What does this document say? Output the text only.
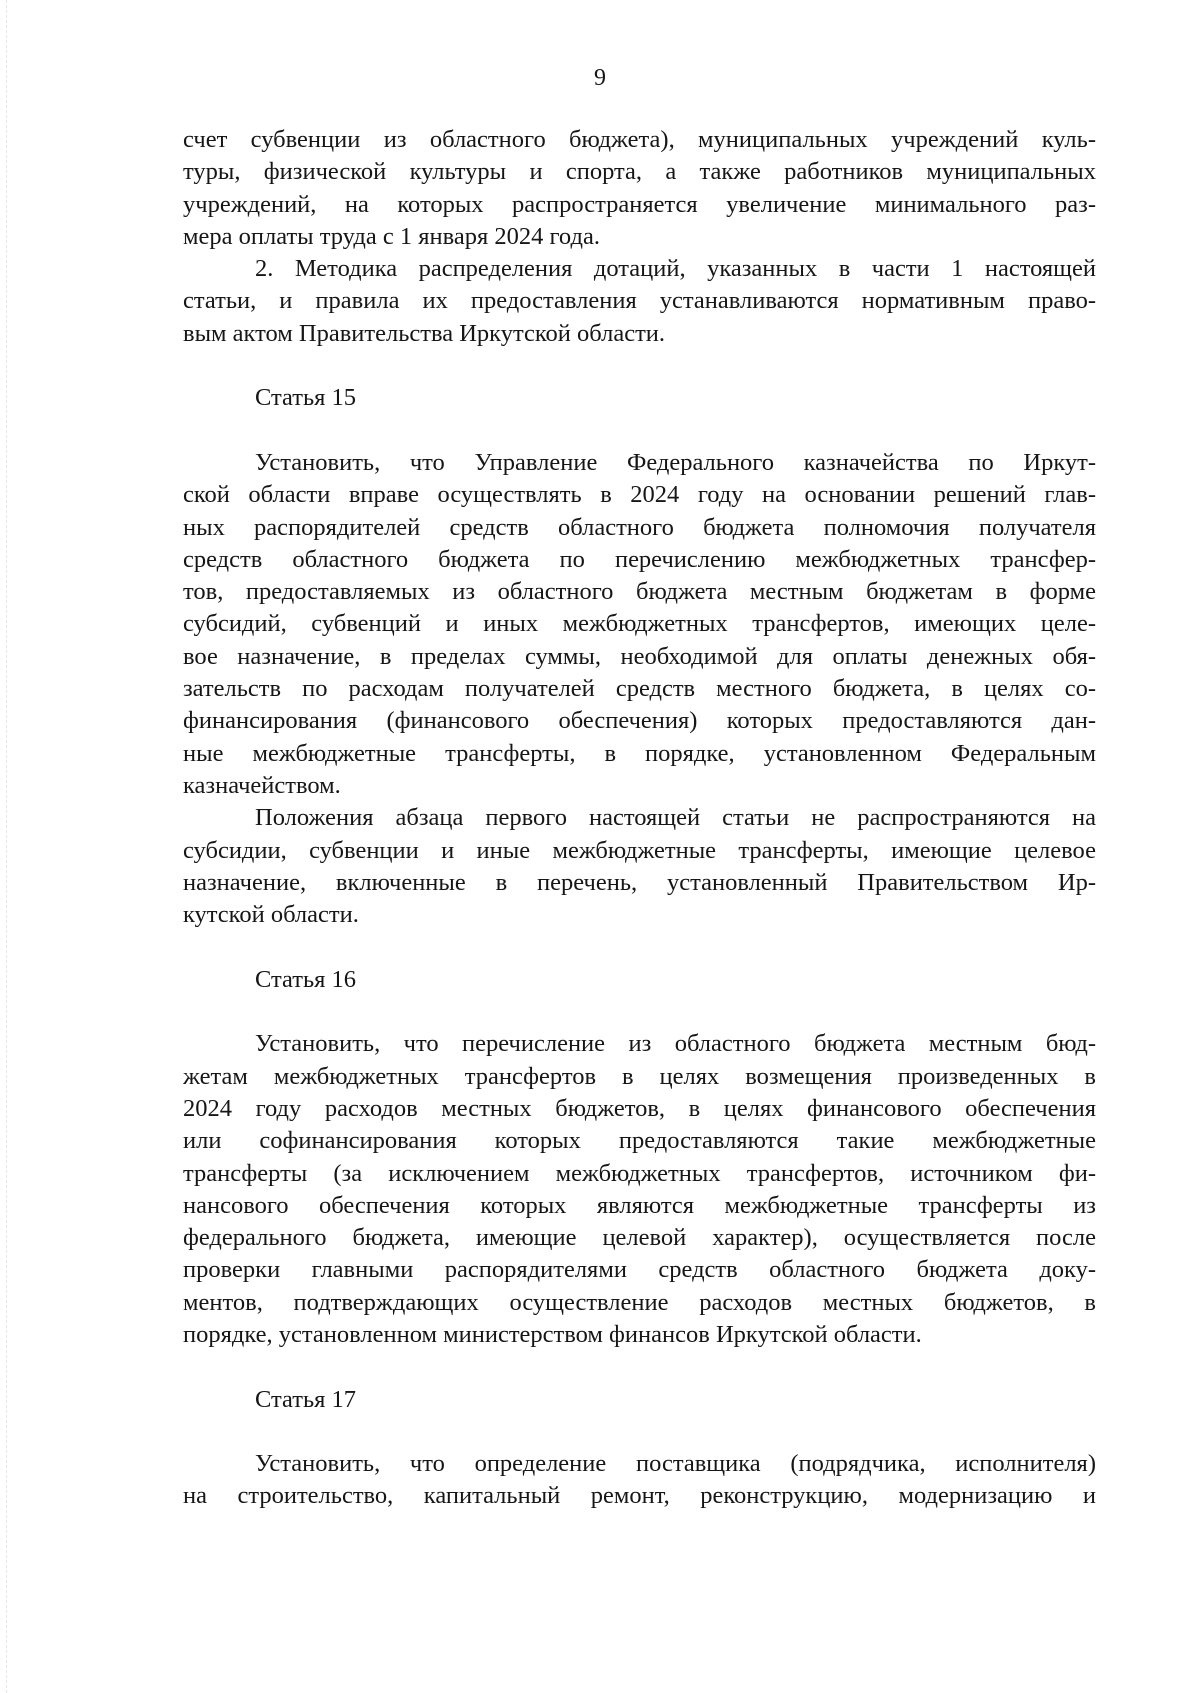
9
счет субвенции из областного бюджета), муниципальных учреждений куль-
туры, физической культуры и спорта, а также работников муниципальных
учреждений, на которых распространяется увеличение минимального раз-
мера оплаты труда с 1 января 2024 года.
2. Методика распределения дотаций, указанных в части 1 настоящей
статьи, и правила их предоставления устанавливаются нормативным право-
вым актом Правительства Иркутской области.
Статья 15
Установить, что Управление Федерального казначейства по Иркут-
ской области вправе осуществлять в 2024 году на основании решений глав-
ных распорядителей средств областного бюджета полномочия получателя
средств областного бюджета по перечислению межбюджетных трансфер-
тов, предоставляемых из областного бюджета местным бюджетам в форме
субсидий, субвенций и иных межбюджетных трансфертов, имеющих целе-
вое назначение, в пределах суммы, необходимой для оплаты денежных обя-
зательств по расходам получателей средств местного бюджета, в целях со-
финансирования (финансового обеспечения) которых предоставляются дан-
ные межбюджетные трансферты, в порядке, установленном Федеральным
казначейством.
Положения абзаца первого настоящей статьи не распространяются на
субсидии, субвенции и иные межбюджетные трансферты, имеющие целевое
назначение, включенные в перечень, установленный Правительством Ир-
кутской области.
Статья 16
Установить, что перечисление из областного бюджета местным бюд-
жетам межбюджетных трансфертов в целях возмещения произведенных в
2024 году расходов местных бюджетов, в целях финансового обеспечения
или софинансирования которых предоставляются такие межбюджетные
трансферты (за исключением межбюджетных трансфертов, источником фи-
нансового обеспечения которых являются межбюджетные трансферты из
федерального бюджета, имеющие целевой характер), осуществляется после
проверки главными распорядителями средств областного бюджета доку-
ментов, подтверждающих осуществление расходов местных бюджетов, в
порядке, установленном министерством финансов Иркутской области.
Статья 17
Установить, что определение поставщика (подрядчика, исполнителя)
на строительство, капитальный ремонт, реконструкцию, модернизацию и
